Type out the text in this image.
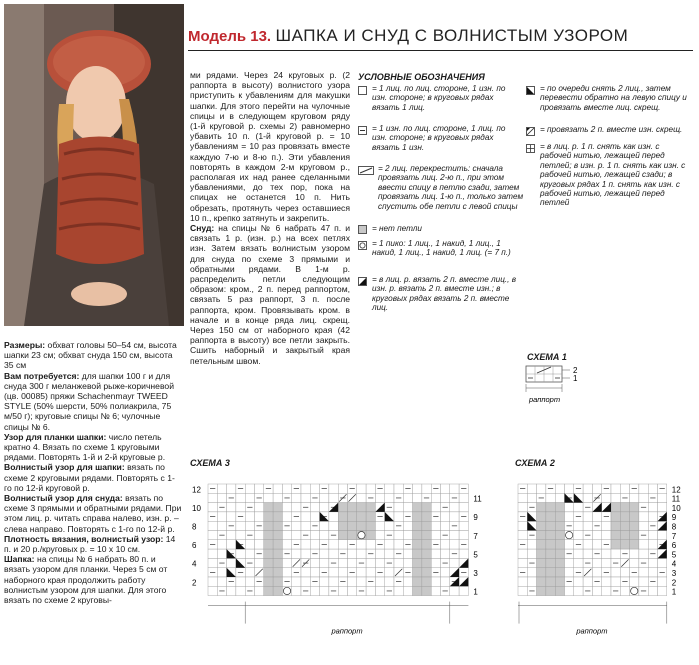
Модель 13. ШАПКА И СНУД С ВОЛНИСТЫМ УЗОРОМ

Размеры: обхват головы 50–54 см, высота шапки 23 см; обхват снуда 150 см, высота 35 см

Вам потребуется: для шапки 100 г и для снуда 300 г меланжевой рыже-коричневой (цв. 00085) пряжи Schachenmayr TWEED STYLE (50% шерсти, 50% полиакрила, 75 м/50 г); круговые спицы № 6; чулочные спицы № 6.

Узор для планки шапки: число петель кратно 4. Вязать по схеме 1 круговыми рядами. Повторять 1-й и 2-й круговые р.

Волнистый узор для шапки: вязать по схеме 2 круговыми рядами. Повторять с 1-го по 12-й круговой р.

Волнистый узор для снуда: вязать по схеме 3 прямыми и обратными рядами. При этом лиц. р. читать справа налево, изн. р. – слева направо. Повторять с 1-го по 12-й р.

Плотность вязания, волнистый узор: 14 п. и 20 р./круговых р. = 10 х 10 см.

Шапка: на спицы № 6 набрать 80 п. и вязать узором для планки. Через 5 см от наборного края продолжить работу волнистым узором для шапки. Для этого вязать по схеме 2 круговы-

ми рядами. Через 24 круговых р. (2 раппорта в высоту) волнистого узора приступить к убавлениям для макушки шапки. Для этого перейти на чулочные спицы и в следующем круговом ряду (1-й круговой р. схемы 2) равномерно убавить 10 п. (1-й круговой р. = 10 убавлениям = 10 раз провязать вместе каждую 7-ю и 8-ю п.). Эти убавления повторять в каждом 2-м круговом р., располагая их над ранее сделанными убавлениями, до тех пор, пока на спицах не останется 10 п. Нить обрезать, протянуть через оставшиеся 10 п., крепко затянуть и закрепить.

Снуд: на спицы № 6 набрать 47 п. и связать 1 р. (изн. р.) на всех петлях изн. Затем вязать волнистым узором для снуда по схеме 3 прямыми и обратными рядами. В 1-м р. распределить петли следующим образом: кром., 2 п. перед раппортом, связать 5 раз раппорт, 3 п. после раппорта, кром. Провязывать кром. в начале и в конце ряда лиц. скрещ. Через 150 см от наборного края (42 раппорта в высоту) все петли закрыть. Сшить наборный и закрытый края петельным швом.

УСЛОВНЫЕ ОБОЗНАЧЕНИЯ
= 1 лиц. по лиц. стороне, 1 изн. по изн. стороне; в круговых рядах вязать 1 лиц.
= 1 изн. по лиц. стороне, 1 лиц. по изн. стороне; в круговых рядах вязать 1 изн.
= 2 лиц. перекрестить: сначала провязать лиц. 2-ю п., при этом ввести спицу в петлю сзади, затем провязать лиц. 1-ю п., только затем спустить обе петли с левой спицы
= нет петли
= 1 пико: 1 лиц., 1 накид, 1 лиц., 1 накид, 1 лиц., 1 накид, 1 лиц. (= 7 п.)
= в лиц. р. вязать 2 п. вместе лиц., в изн. р. вязать 2 п. вместе изн.; в круговых рядах вязать 2 п. вместе лиц.
= по очереди снять 2 лиц., затем перевести обратно на левую спицу и провязать вместе лиц. скрещ.
= провязать 2 п. вместе изн. скрещ.
= в лиц. р. 1 п. снять как изн. с рабочей нитью, лежащей перед петлей; в изн. р. 1 п. снять как изн. с рабочей нитью, лежащей сзади; в круговых рядах 1 п. снять как изн. с рабочей нитью, лежащей перед петлей
СХЕМА 1
2
1
раппорт
СХЕМА 3
12
10
8
6
4
2
11
9
7
5
3
1
раппорт
СХЕМА 2
12
11
10
9
8
7
6
5
4
3
2
1
раппорт
